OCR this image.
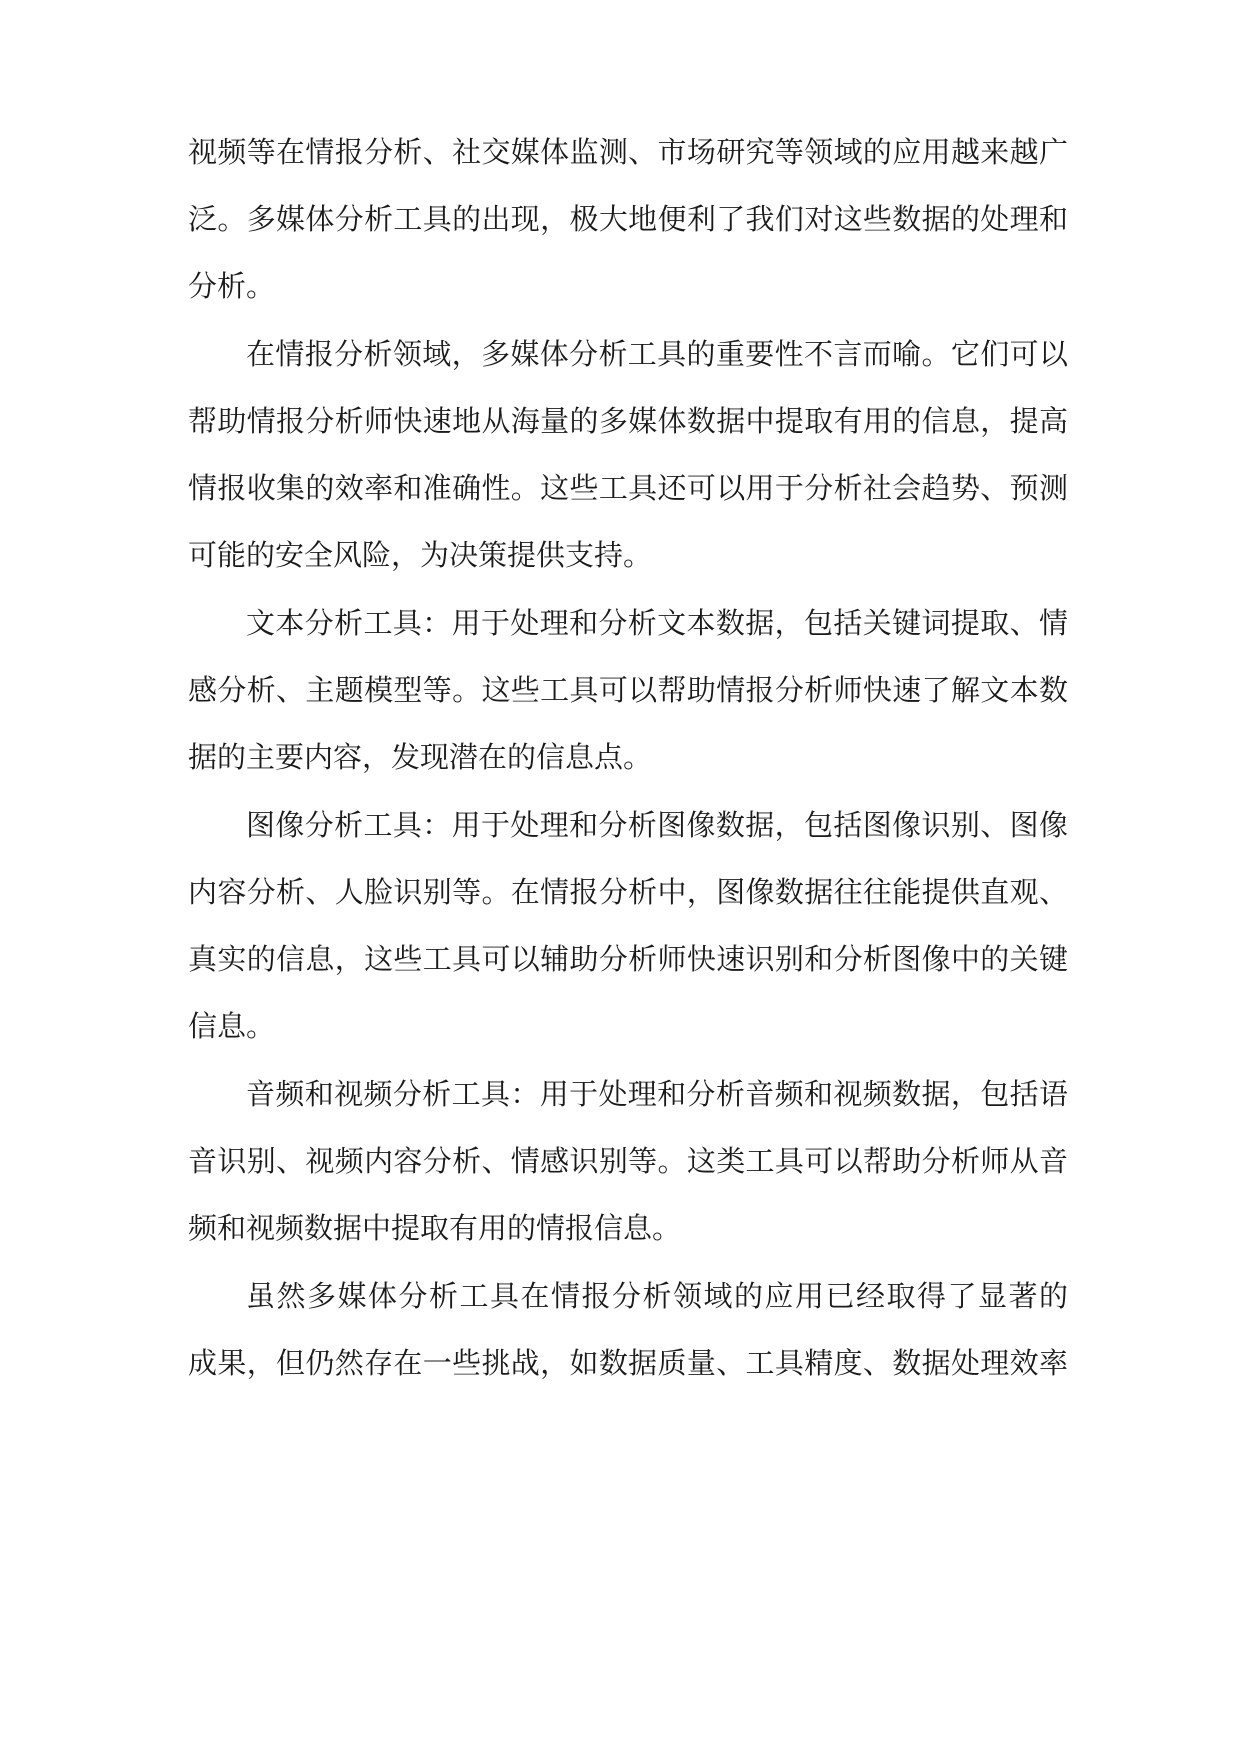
视频等在情报分析、社交媒体监测、市场研究等领域的应用越来越广
泛。多媒体分析工具的出现，极大地便利了我们对这些数据的处理和
分析。
在情报分析领域，多媒体分析工具的重要性不言而喻。它们可以
帮助情报分析师快速地从海量的多媒体数据中提取有用的信息，提高
情报收集的效率和准确性。这些工具还可以用于分析社会趋势、预测
可能的安全风险，为决策提供支持。
文本分析工具：用于处理和分析文本数据，包括关键词提取、情
感分析、主题模型等。这些工具可以帮助情报分析师快速了解文本数
据的主要内容，发现潜在的信息点。
图像分析工具：用于处理和分析图像数据，包括图像识别、图像
内容分析、人脸识别等。在情报分析中，图像数据往往能提供直观、
真实的信息，这些工具可以辅助分析师快速识别和分析图像中的关键
信息。
音频和视频分析工具：用于处理和分析音频和视频数据，包括语
音识别、视频内容分析、情感识别等。这类工具可以帮助分析师从音
频和视频数据中提取有用的情报信息。
虽然多媒体分析工具在情报分析领域的应用已经取得了显著的
成果，但仍然存在一些挑战，如数据质量、工具精度、数据处理效率
